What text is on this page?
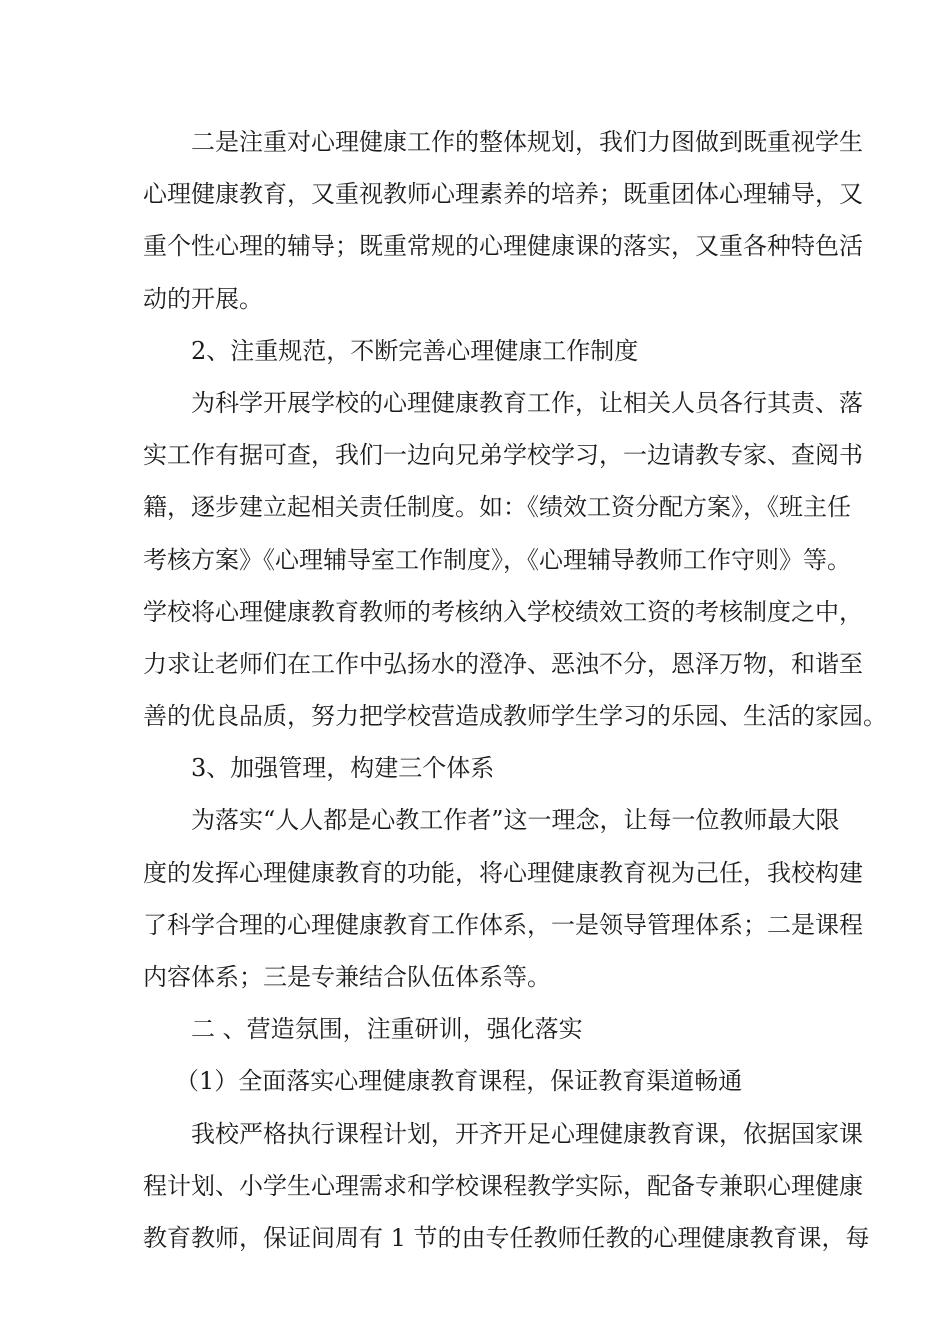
二是注重对心理健康工作的整体规划，我们力图做到既重视学生
心理健康教育，又重视教师心理素养的培养；既重团体心理辅导，又
重个性心理的辅导；既重常规的心理健康课的落实，又重各种特色活
动的开展。
2、注重规范，不断完善心理健康工作制度
为科学开展学校的心理健康教育工作，让相关人员各行其责、落
实工作有据可查，我们一边向兄弟学校学习，一边请教专家、查阅书
籍，逐步建立起相关责任制度。如：《绩效工资分配方案》，《班主任
考核方案》《心理辅导室工作制度》，《心理辅导教师工作守则》等。
学校将心理健康教育教师的考核纳入学校绩效工资的考核制度之中，
力求让老师们在工作中弘扬水的澄净、恶浊不分，恩泽万物，和谐至
善的优良品质，努力把学校营造成教师学生学习的乐园、生活的家园。
3、加强管理，构建三个体系
为落实“人人都是心教工作者”这一理念，让每一位教师最大限
度的发挥心理健康教育的功能，将心理健康教育视为己任，我校构建
了科学合理的心理健康教育工作体系，一是领导管理体系；二是课程
内容体系；三是专兼结合队伍体系等。
二 、营造氛围，注重研训，强化落实
（1）全面落实心理健康教育课程，保证教育渠道畅通
我校严格执行课程计划，开齐开足心理健康教育课，依据国家课
程计划、小学生心理需求和学校课程教学实际，配备专兼职心理健康
教育教师，保证间周有 1 节的由专任教师任教的心理健康教育课，每
